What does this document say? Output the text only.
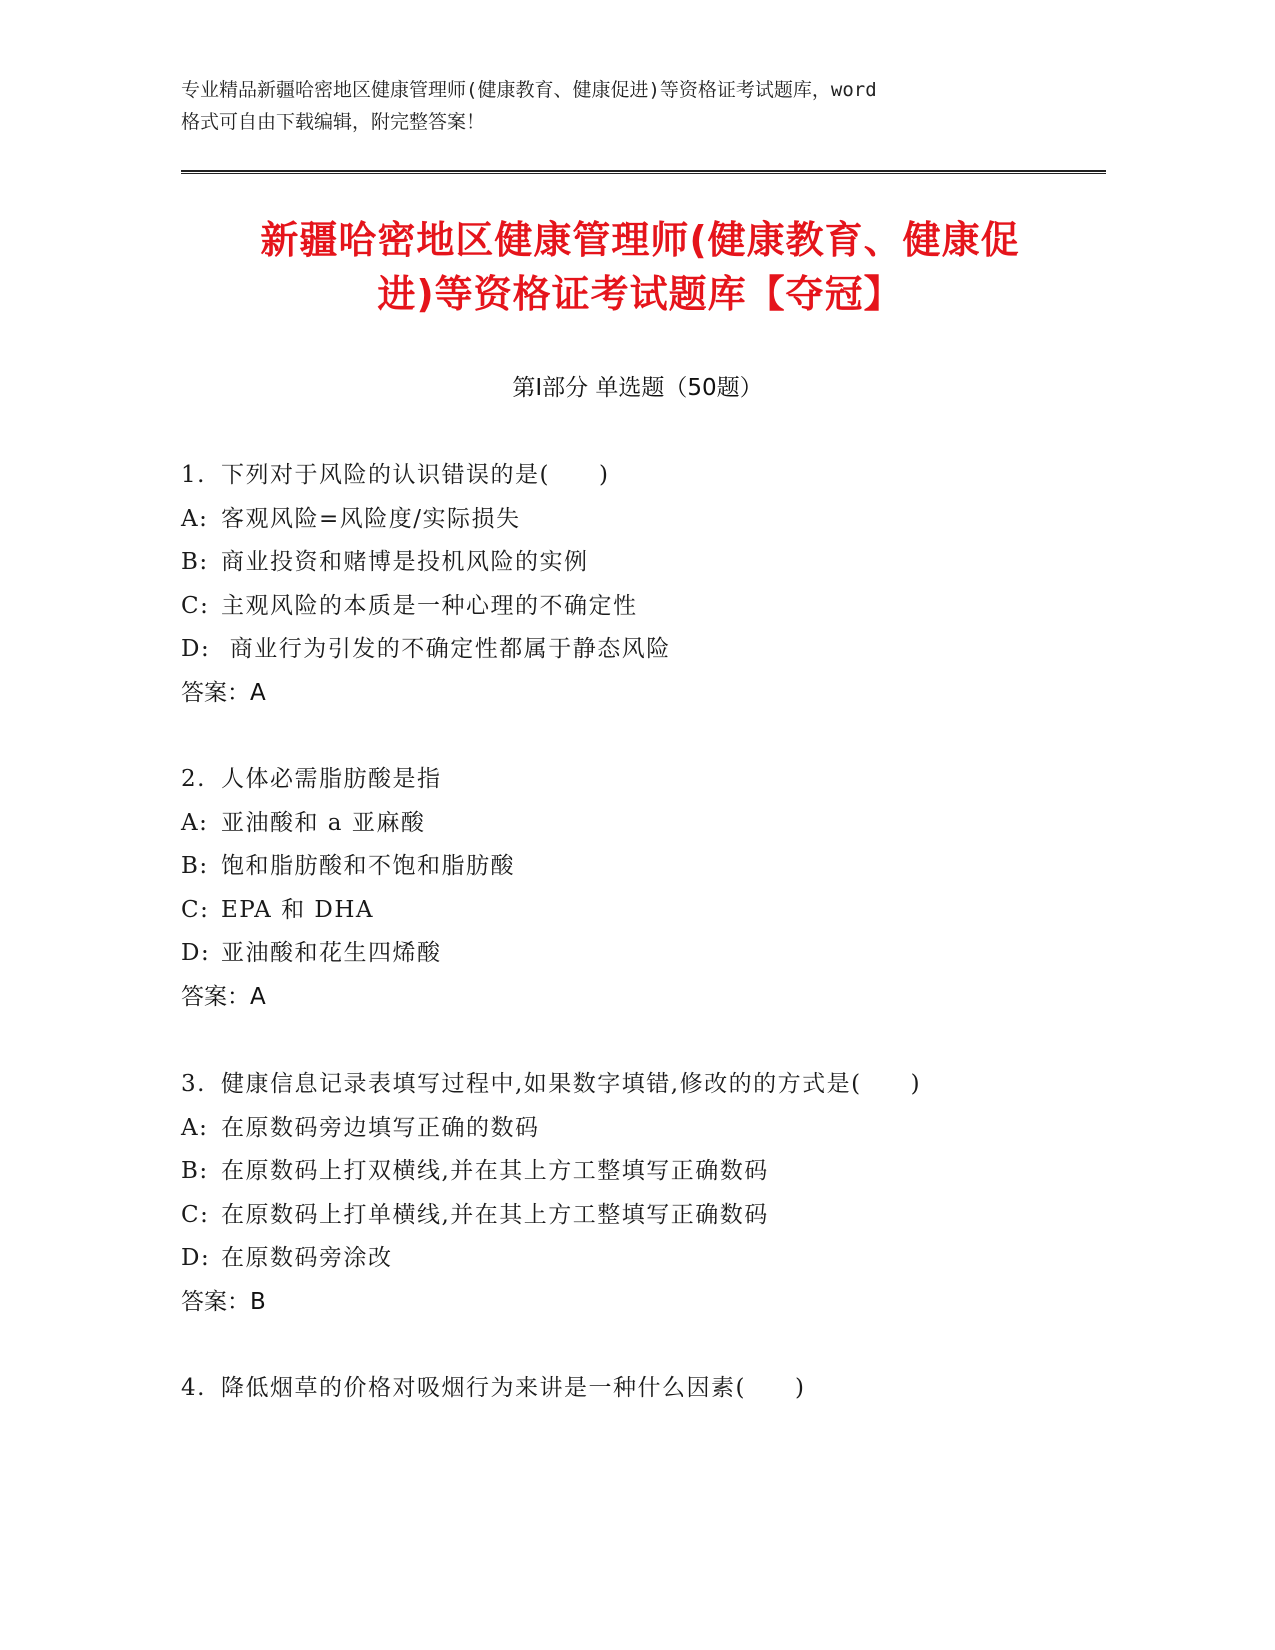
专业精品新疆哈密地区健康管理师(健康教育、健康促进)等资格证考试题库，word
格式可自由下载编辑，附完整答案！
新疆哈密地区健康管理师(健康教育、健康促
进)等资格证考试题库【夺冠】
第Ⅰ部分 单选题（50题）
1. 下列对于风险的认识错误的是(　　)
A: 客观风险=风险度/实际损失
B: 商业投资和赌博是投机风险的实例
C: 主观风险的本质是一种心理的不确定性
D: 商业行为引发的不确定性都属于静态风险
答案：A
2. 人体必需脂肪酸是指
A: 亚油酸和 a 亚麻酸
B: 饱和脂肪酸和不饱和脂肪酸
C: EPA 和 DHA
D: 亚油酸和花生四烯酸
答案：A
3. 健康信息记录表填写过程中,如果数字填错,修改的的方式是(　　)
A: 在原数码旁边填写正确的数码
B: 在原数码上打双横线,并在其上方工整填写正确数码
C: 在原数码上打单横线,并在其上方工整填写正确数码
D: 在原数码旁涂改
答案：B
4. 降低烟草的价格对吸烟行为来讲是一种什么因素(　　)
